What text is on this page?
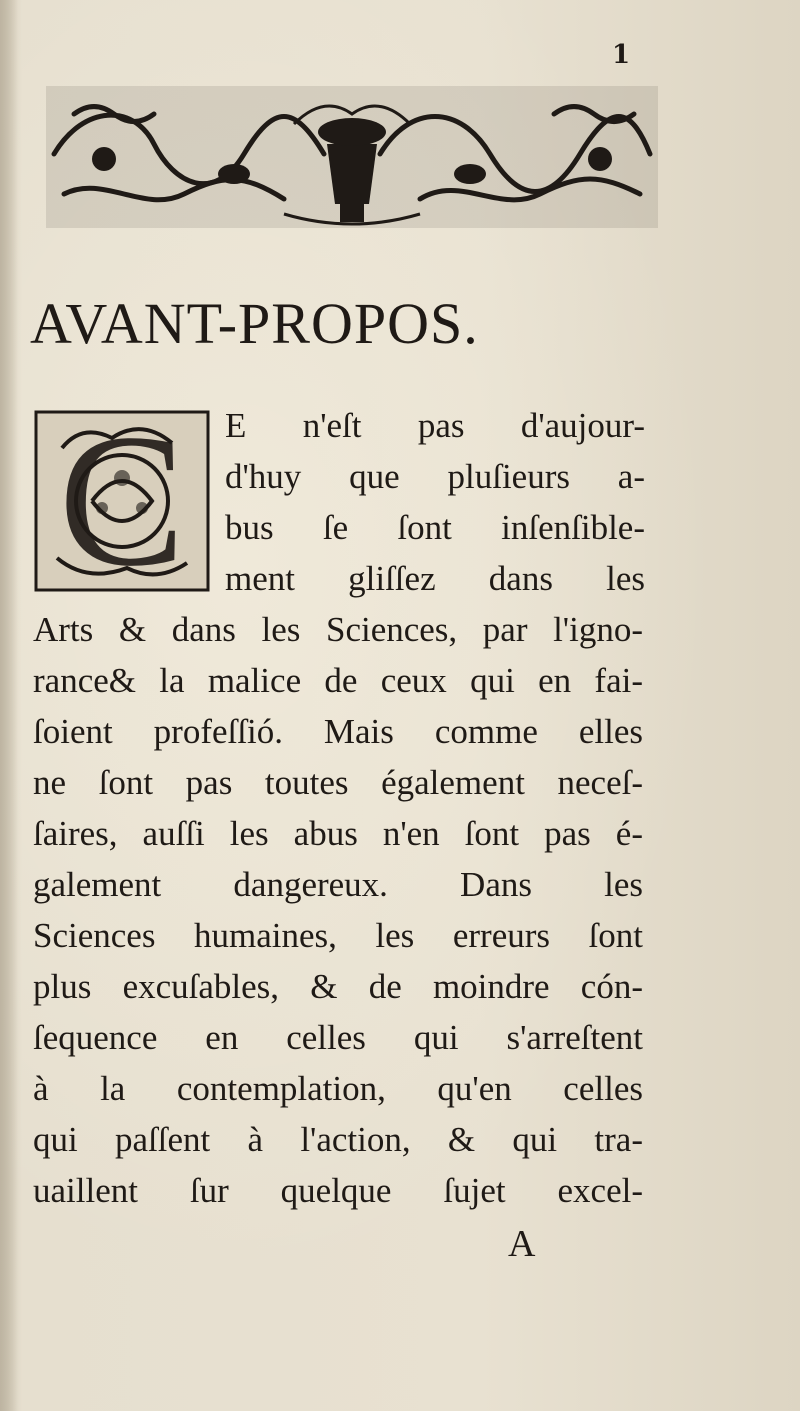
1
AVANT-PROPOS.
C	E n'eſt pas d'aujour-
d'huy que pluſieurs a-
bus ſe ſont inſenſible-
ment gliſſez dans les
Arts & dans les Sciences, par l'igno-
rance& la malice de ceux qui en fai-
ſoient profeſſió. Mais comme elles
ne ſont pas toutes également neceſ-
ſaires, auſſi les abus n'en ſont pas é-
galement dangereux. Dans les
Sciences humaines, les erreurs ſont
plus excuſables, & de moindre cón-
ſequence en celles qui s'arreſtent
à la contemplation, qu'en celles
qui paſſent à l'action, & qui tra-
uaillent ſur quelque ſujet excel-
A
